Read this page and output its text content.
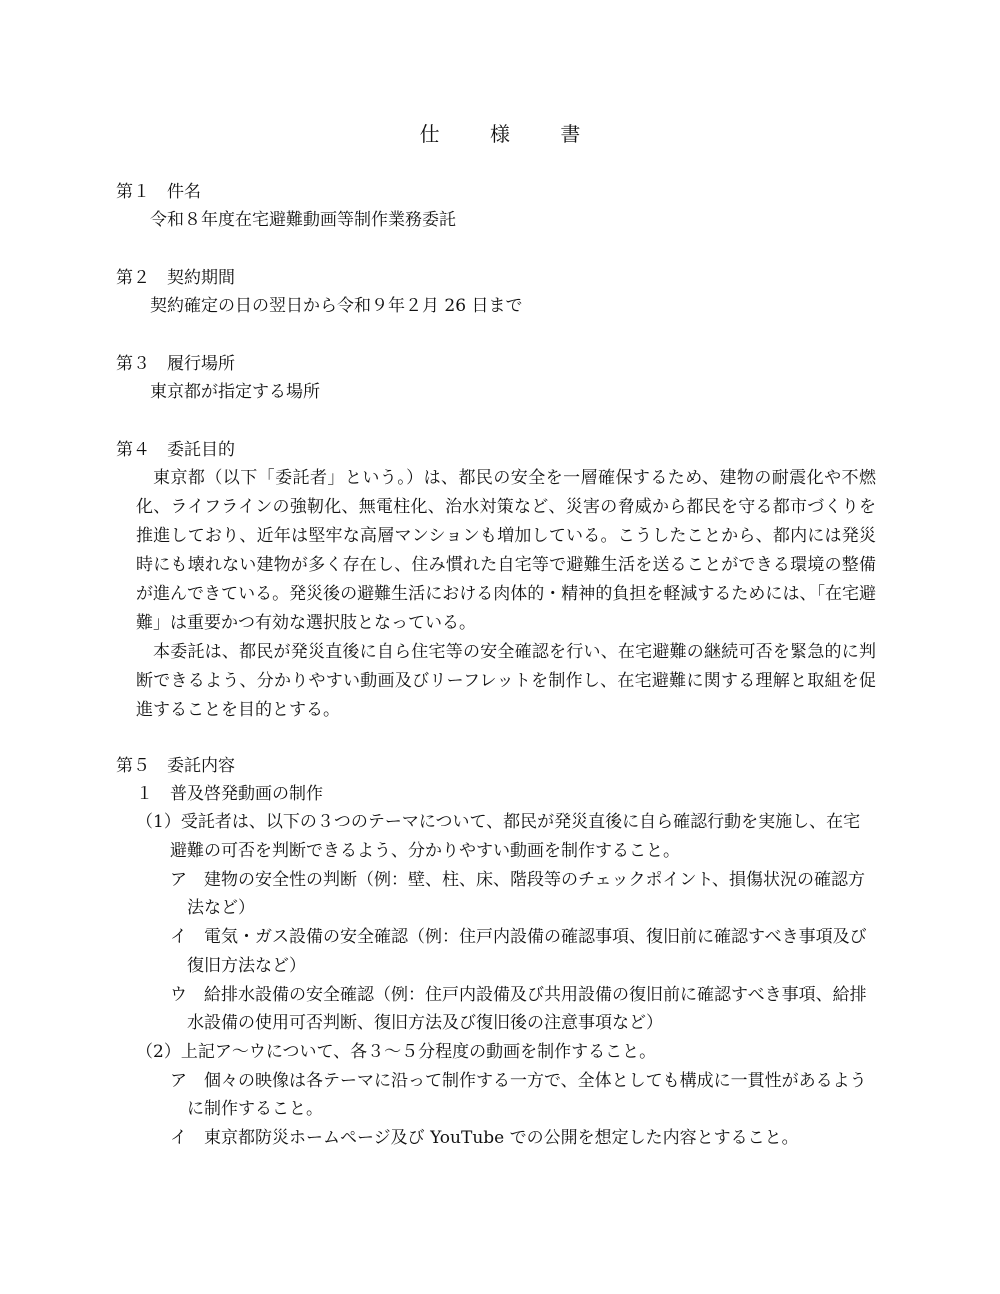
仕	様	書
第１　件名
令和８年度在宅避難動画等制作業務委託
第２　契約期間
契約確定の日の翌日から令和９年２月 26 日まで
第３　履行場所
東京都が指定する場所
第４　委託目的
東京都（以下「委託者」という。）は、都民の安全を一層確保するため、建物の耐震化や不燃化、ライフラインの強靭化、無電柱化、治水対策など、災害の脅威から都民を守る都市づくりを推進しており、近年は堅牢な高層マンションも増加している。こうしたことから、都内には発災時にも壊れない建物が多く存在し、住み慣れた自宅等で避難生活を送ることができる環境の整備が進んできている。発災後の避難生活における肉体的・精神的負担を軽減するためには、「在宅避難」は重要かつ有効な選択肢となっている。
本委託は、都民が発災直後に自ら住宅等の安全確認を行い、在宅避難の継続可否を緊急的に判断できるよう、分かりやすい動画及びリーフレットを制作し、在宅避難に関する理解と取組を促進することを目的とする。
第５　委託内容
１　普及啓発動画の制作
（1）受託者は、以下の３つのテーマについて、都民が発災直後に自ら確認行動を実施し、在宅
避難の可否を判断できるよう、分かりやすい動画を制作すること。
ア　建物の安全性の判断（例：壁、柱、床、階段等のチェックポイント、損傷状況の確認方
法など）
イ　電気・ガス設備の安全確認（例：住戸内設備の確認事項、復旧前に確認すべき事項及び
復旧方法など）
ウ　給排水設備の安全確認（例：住戸内設備及び共用設備の復旧前に確認すべき事項、給排
水設備の使用可否判断、復旧方法及び復旧後の注意事項など）
（2）上記ア～ウについて、各３～５分程度の動画を制作すること。
ア　個々の映像は各テーマに沿って制作する一方で、全体としても構成に一貫性があるよう
に制作すること。
イ　東京都防災ホームページ及び YouTube での公開を想定した内容とすること。
